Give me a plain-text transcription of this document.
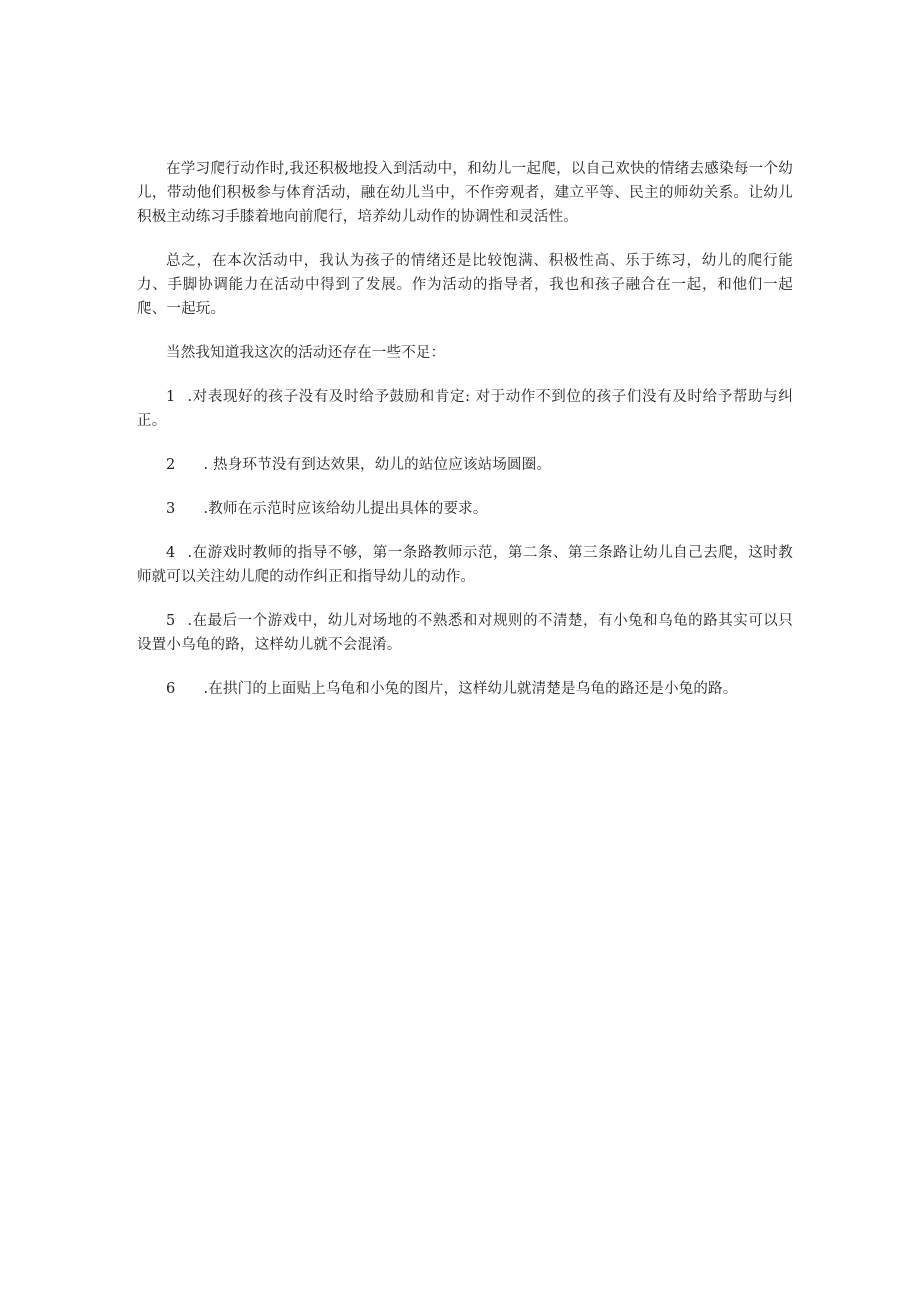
在学习爬行动作时,我还积极地投入到活动中，和幼儿一起爬，以自己欢快的情绪去感染每一个幼儿，带动他们积极参与体育活动，融在幼儿当中，不作旁观者，建立平等、民主的师幼关系。让幼儿积极主动练习手膝着地向前爬行，培养幼儿动作的协调性和灵活性。

总之，在本次活动中，我认为孩子的情绪还是比较饱满、积极性高、乐于练习，幼儿的爬行能力、手脚协调能力在活动中得到了发展。作为活动的指导者，我也和孩子融合在一起，和他们一起爬、一起玩。

当然我知道我这次的活动还存在一些不足：

1 .对表现好的孩子没有及时给予鼓励和肯定: 对于动作不到位的孩子们没有及时给予帮助与纠正。

2 . 热身环节没有到达效果，幼儿的站位应该站场圆圈。

3 .教师在示范时应该给幼儿提出具体的要求。

4 .在游戏时教师的指导不够，第一条路教师示范，第二条、第三条路让幼儿自己去爬，这时教师就可以关注幼儿爬的动作纠正和指导幼儿的动作。

5 .在最后一个游戏中，幼儿对场地的不熟悉和对规则的不清楚，有小兔和乌龟的路其实可以只设置小乌龟的路，这样幼儿就不会混淆。

6 .在拱门的上面贴上乌龟和小兔的图片，这样幼儿就清楚是乌龟的路还是小兔的路。
